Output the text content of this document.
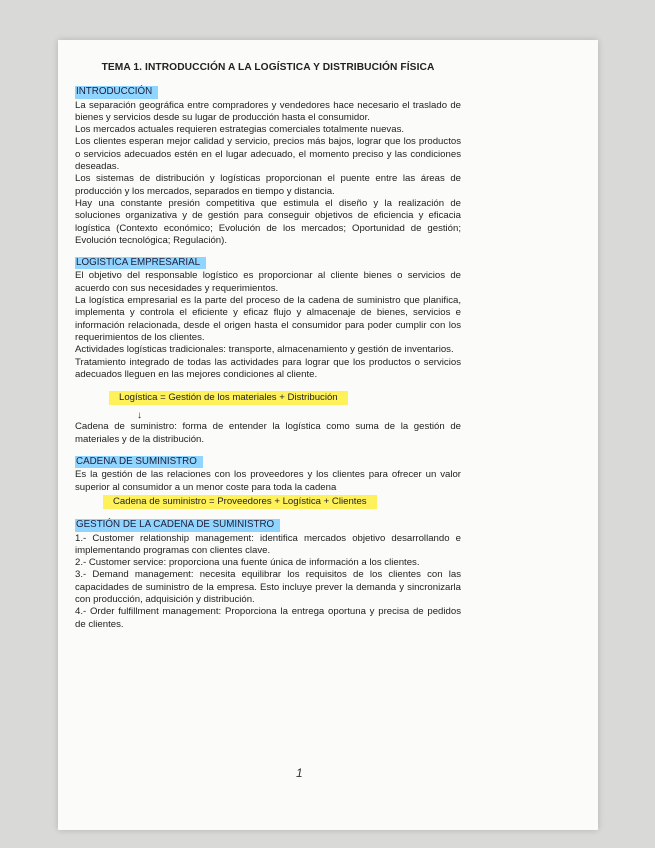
TEMA 1. INTRODUCCIÓN A LA LOGÍSTICA Y DISTRIBUCIÓN FÍSICA
INTRODUCCIÓN

La separación geográfica entre compradores y vendedores hace necesario el traslado de bienes y servicios desde su lugar de producción hasta el consumidor.

Los mercados actuales requieren estrategias comerciales totalmente nuevas.

Los clientes esperan mejor calidad y servicio, precios más bajos, lograr que los productos o servicios adecuados estén en el lugar adecuado, el momento preciso y las condiciones deseadas.

Los sistemas de distribución y logísticas proporcionan el puente entre las áreas de producción y los mercados, separados en tiempo y distancia.

Hay una constante presión competitiva que estimula el diseño y la realización de soluciones organizativa y de gestión para conseguir objetivos de eficiencia y eficacia logística (Contexto económico; Evolución de los mercados; Oportunidad de gestión; Evolución tecnológica; Regulación).

LOGISTICA EMPRESARIAL

El objetivo del responsable logístico es proporcionar al cliente bienes o servicios de acuerdo con sus necesidades y requerimientos.

La logística empresarial es la parte del proceso de la cadena de suministro que planifica, implementa y controla el eficiente y eficaz flujo y almacenaje de bienes, servicios e información relacionada, desde el origen hasta el consumidor para poder cumplir con los requerimientos de los clientes.

Actividades logísticas tradicionales: transporte, almacenamiento y gestión de inventarios.

Tratamiento integrado de todas las actividades para lograr que los productos o servicios adecuados lleguen en las mejores condiciones al cliente.

Logística = Gestión de los materiales + Distribución
↓

Cadena de suministro: forma de entender la logística como suma de la gestión de materiales y de la distribución.

CADENA DE SUMINISTRO

Es la gestión de las relaciones con los proveedores y los clientes para ofrecer un valor superior al consumidor a un menor coste para toda la cadena

Cadena de suministro = Proveedores + Logística + Clientes
GESTIÓN DE LA CADENA DE SUMINISTRO

1.- Customer relationship management: identifica mercados objetivo desarrollando e implementando programas con clientes clave.

2.- Customer service: proporciona una fuente única de información a los clientes.

3.- Demand management: necesita equilibrar los requisitos de los clientes con las capacidades de suministro de la empresa. Esto incluye prever la demanda y sincronizarla con producción, adquisición y distribución.

4.- Order fulfillment management: Proporciona la entrega oportuna y precisa de pedidos de clientes.

1
